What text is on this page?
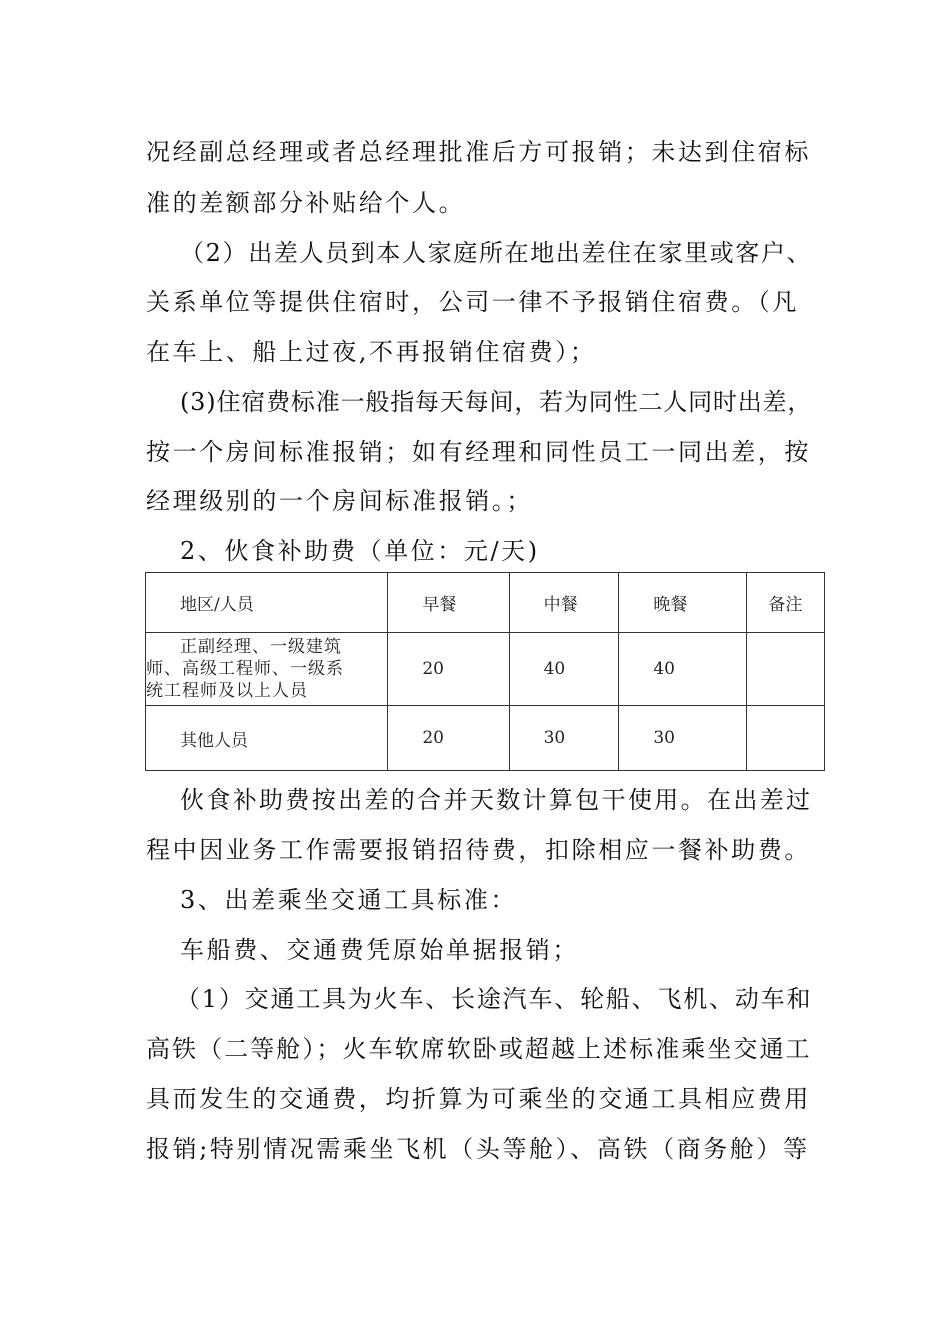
况经副总经理或者总经理批准后方可报销；未达到住宿标
准的差额部分补贴给个人。
（2）出差人员到本人家庭所在地出差住在家里或客户、
关系单位等提供住宿时，公司一律不予报销住宿费。（凡
在车上、船上过夜,不再报销住宿费）；
(3)住宿费标准一般指每天每间，若为同性二人同时出差，
按一个房间标准报销；如有经理和同性员工一同出差，按
经理级别的一个房间标准报销。；
2、伙食补助费（单位：元/天)
地区/人员	早餐	中餐	晚餐	备注

正副经理、一级建筑
师、高级工程师、一级系
统工程师及以上人员	20	40	40	
其他人员	20	30	30	
伙食补助费按出差的合并天数计算包干使用。在出差过
程中因业务工作需要报销招待费，扣除相应一餐补助费。
3、出差乘坐交通工具标准：
车船费、交通费凭原始单据报销；
（1）交通工具为火车、长途汽车、轮船、飞机、动车和
高铁（二等舱）；火车软席软卧或超越上述标准乘坐交通工
具而发生的交通费，均折算为可乘坐的交通工具相应费用
报销;特别情况需乘坐飞机（头等舱）、高铁（商务舱）等
